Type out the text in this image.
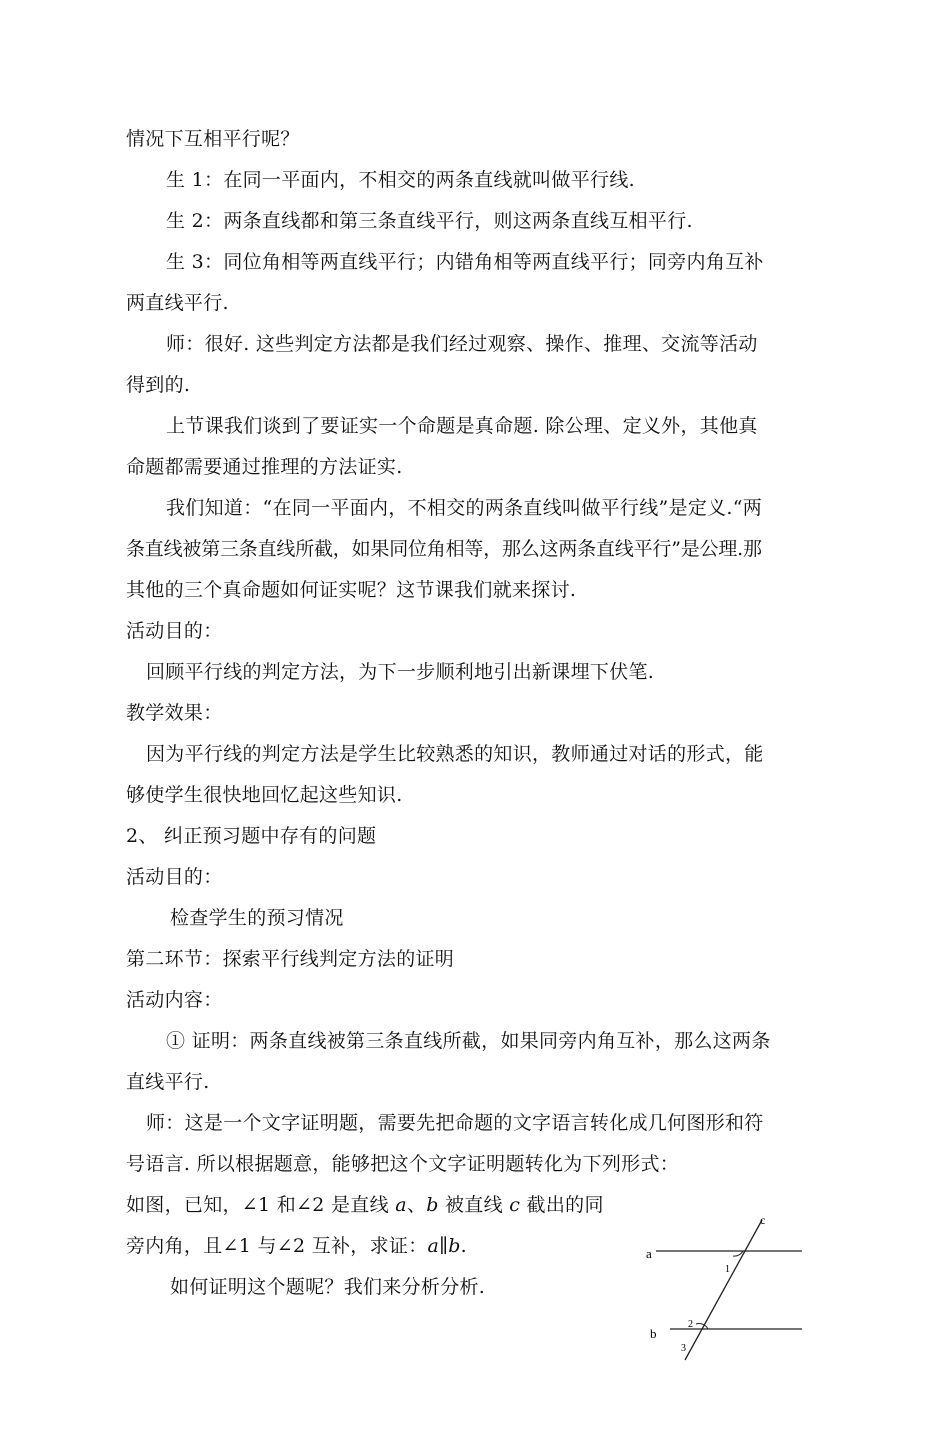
情况下互相平行呢？
生 1：在同一平面内，不相交的两条直线就叫做平行线.
生 2：两条直线都和第三条直线平行，则这两条直线互相平行.
生 3：同位角相等两直线平行；内错角相等两直线平行；同旁内角互补
两直线平行.
师：很好. 这些判定方法都是我们经过观察、操作、推理、交流等活动
得到的.
上节课我们谈到了要证实一个命题是真命题. 除公理、定义外，其他真
命题都需要通过推理的方法证实.
我们知道：“在同一平面内，不相交的两条直线叫做平行线”是定义.“两
条直线被第三条直线所截，如果同位角相等，那么这两条直线平行”是公理.那
其他的三个真命题如何证实呢？这节课我们就来探讨.
活动目的：
回顾平行线的判定方法，为下一步顺利地引出新课埋下伏笔.
教学效果：
因为平行线的判定方法是学生比较熟悉的知识，教师通过对话的形式，能
够使学生很快地回忆起这些知识.
2、 纠正预习题中存有的问题
活动目的：
检查学生的预习情况
第二环节：探索平行线判定方法的证明
活动内容：
① 证明：两条直线被第三条直线所截，如果同旁内角互补，那么这两条
直线平行.
师：这是一个文字证明题，需要先把命题的文字语言转化成几何图形和符
号语言. 所以根据题意，能够把这个文字证明题转化为下列形式：
如图，已知，∠1 和∠2 是直线 a、b 被直线 c 截出的同
旁内角，且∠1 与∠2 互补，求证：a∥b.
如何证明这个题呢？我们来分析分析.
a
b
c
1
2
3
